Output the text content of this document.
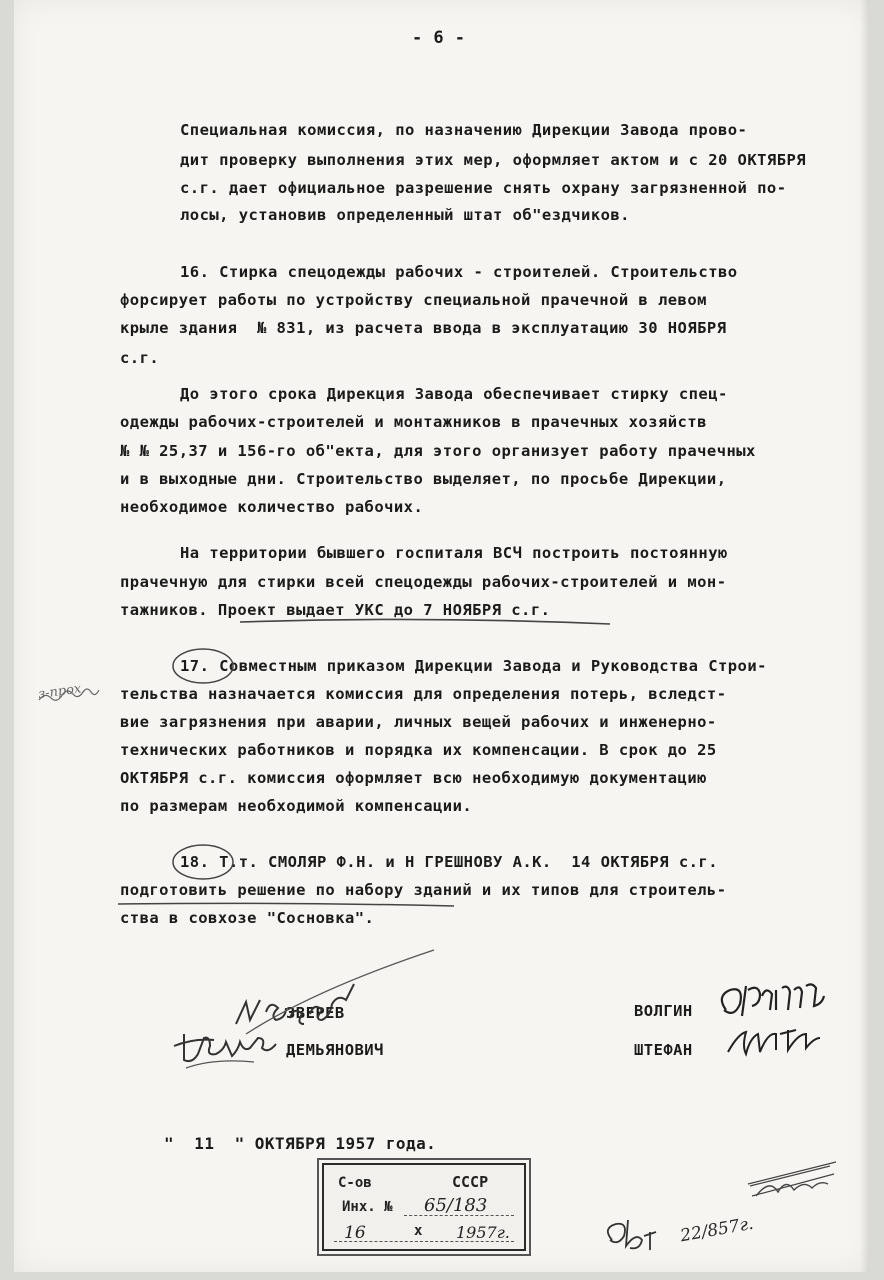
- 6 -
Специальная комиссия, по назначению Дирекции Завода прово-
дит проверку выполнения этих мер, оформляет актом и с 20 ОКТЯБРЯ
с.г. дает официальное разрешение снять охрану загрязненной по-
лосы, установив определенный штат об"ездчиков.
16. Стирка спецодежды рабочих - строителей. Строительство
форсирует работы по устройству специальной прачечной в левом
крыле здания  № 831, из расчета ввода в эксплуатацию 30 НОЯБРЯ
с.г.
До этого срока Дирекция Завода обеспечивает стирку спец-
одежды рабочих-строителей и монтажников в прачечных хозяйств
№ № 25,37 и 156-го об"екта, для этого организует работу прачечных
и в выходные дни. Строительство выделяет, по просьбе Дирекции,
необходимое количество рабочих.
На территории бывшего госпиталя ВСЧ построить постоянную
прачечную для стирки всей спецодежды рабочих-строителей и мон-
тажников. Проект выдает УКС до 7 НОЯБРЯ с.г.
17. Совместным приказом Дирекции Завода и Руководства Строи-
тельства назначается комиссия для определения потерь, вследст-
вие загрязнения при аварии, личных вещей рабочих и инженерно-
технических работников и порядка их компенсации. В срок до 25
ОКТЯБРЯ с.г. комиссия оформляет всю необходимую документацию
по размерам необходимой компенсации.
18. Т.т. СМОЛЯР Ф.Н. и Н ГРЕШНОВУ А.К.  14 ОКТЯБРЯ с.г.
подготовить решение по набору зданий и их типов для строитель-
ства в совхозе "Сосновка".
з-прох.
ЗВЕРЕВ
ДЕМЬЯНОВИЧ
ВОЛГИН
ШТЕФАН
"  11  " ОКТЯБРЯ 1957 года.
С-ов	СССР
Инх. № 65/183
16	х 1957г.	22/857г.
